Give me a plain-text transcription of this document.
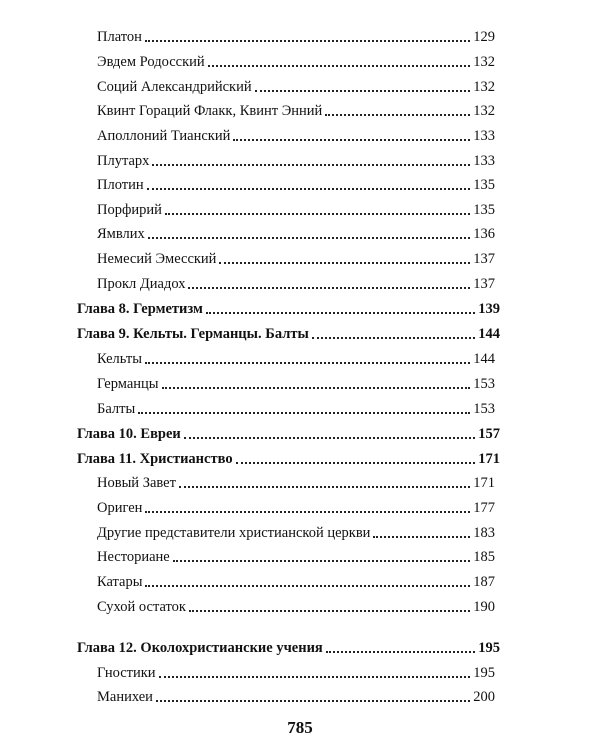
Платон	129
Эвдем Родосский	132
Соций Александрийский	132
Квинт Гораций Флакк, Квинт Энний	132
Аполлоний Тианский	133
Плутарх	133
Плотин	135
Порфирий	135
Ямвлих	136
Немесий Эмесский	137
Прокл Диадох	137
Глава 8. Герметизм	139
Глава 9. Кельты. Германцы. Балты	144
Кельты	144
Германцы	153
Балты	153
Глава 10. Евреи	157
Глава 11. Христианство	171
Новый Завет	171
Ориген	177
Другие представители христианской церкви	183
Несториане	185
Катары	187
Сухой остаток	190
Глава 12. Околохристианские учения	195
Гностики	195
Манихеи	200
785
